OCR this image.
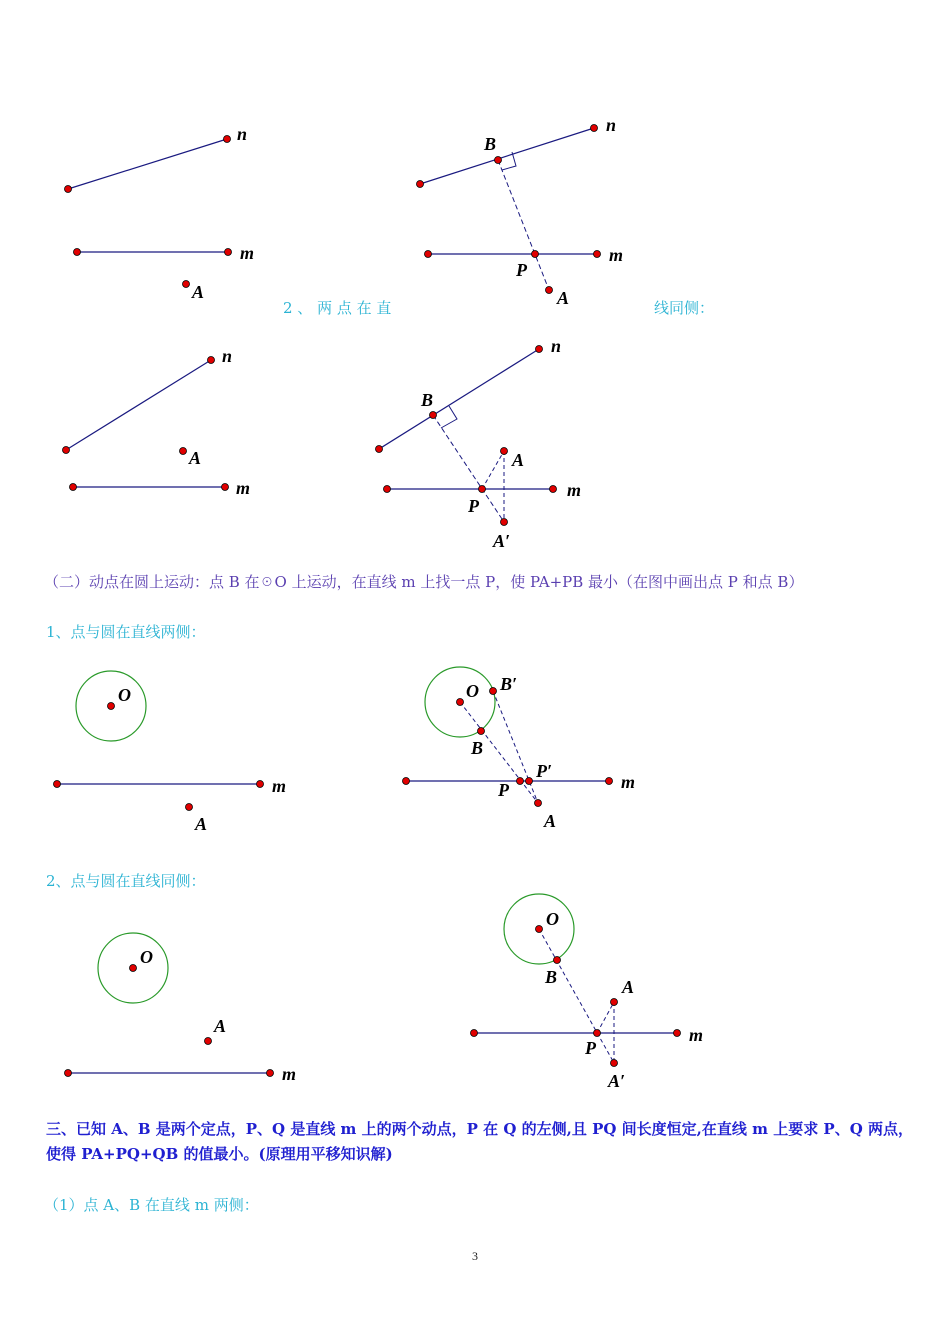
n
m
A
n
B
m
P
A
n
A
m
n
B
A
m
P
A′
O
m
A
O B′
B
P′
m
P
A
O
A
m
O
B	A
m
P
A′
2 、 两 点 在 直	线同侧：
（二）动点在圆上运动：点 B 在☉O 上运动，在直线 m 上找一点 P，使 PA+PB 最小（在图中画出点 P 和点 B）
1、点与圆在直线两侧：
2、点与圆在直线同侧：
三、已知 A、B 是两个定点，P、Q 是直线 m 上的两个动点，P 在 Q 的左侧,且 PQ 间长度恒定,在直线 m 上要求 P、Q 两点，
使得 PA+PQ+QB 的值最小。(原理用平移知识解)
（1）点 A、B 在直线 m 两侧：
3
